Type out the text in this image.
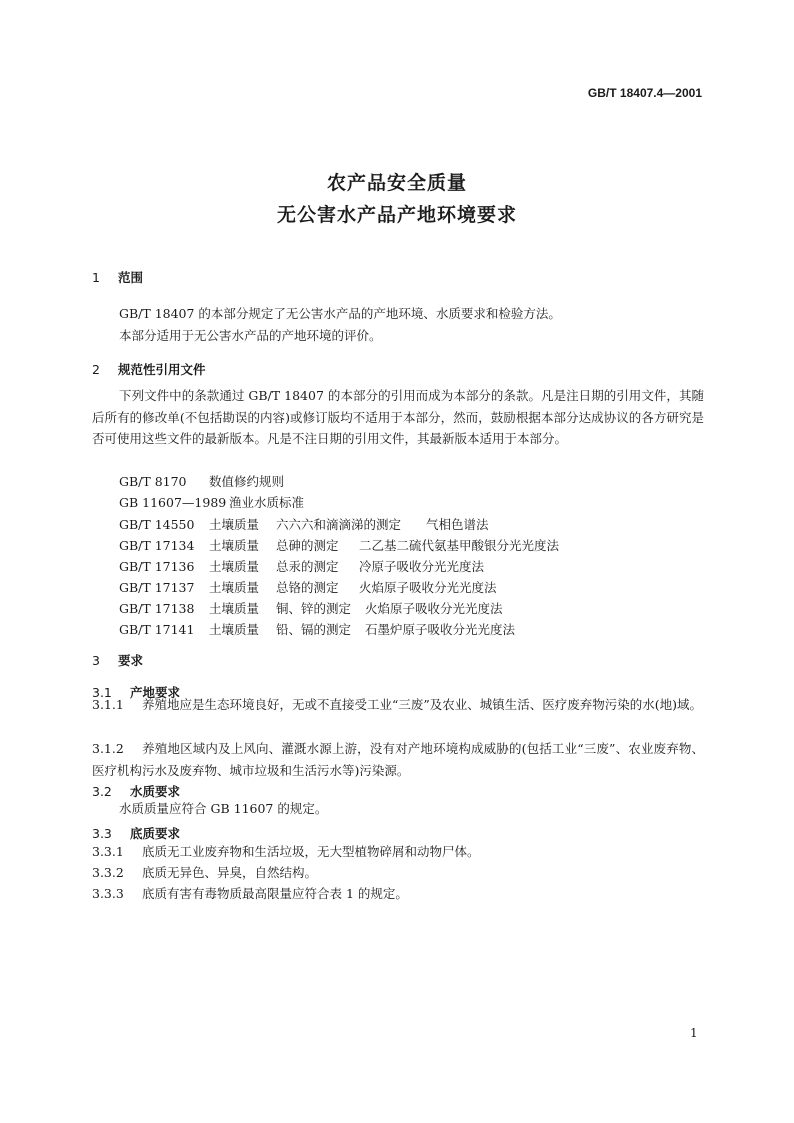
GB/T 18407.4—2001
农产品安全质量
无公害水产品产地环境要求
1 范围
GB/T 18407 的本部分规定了无公害水产品的产地环境、水质要求和检验方法。
本部分适用于无公害水产品的产地环境的评价。
2 规范性引用文件
下列文件中的条款通过 GB/T 18407 的本部分的引用而成为本部分的条款。凡是注日期的引用文件，其随后所有的修改单(不包括勘误的内容)或修订版均不适用于本部分，然而，鼓励根据本部分达成协议的各方研究是否可使用这些文件的最新版本。凡是不注日期的引用文件，其最新版本适用于本部分。
GB/T 8170 数值修约规则
GB 11607—1989 渔业水质标准
GB/T 14550 土壤质量 六六六和滴滴涕的测定 气相色谱法
GB/T 17134 土壤质量 总砷的测定 二乙基二硫代氨基甲酸银分光光度法
GB/T 17136 土壤质量 总汞的测定 冷原子吸收分光光度法
GB/T 17137 土壤质量 总铬的测定 火焰原子吸收分光光度法
GB/T 17138 土壤质量 铜、锌的测定 火焰原子吸收分光光度法
GB/T 17141 土壤质量 铅、镉的测定 石墨炉原子吸收分光光度法
3 要求
3.1 产地要求
3.1.1 养殖地应是生态环境良好，无或不直接受工业“三废”及农业、城镇生活、医疗废弃物污染的水(地)域。
3.1.2 养殖地区域内及上风向、灌溉水源上游，没有对产地环境构成威胁的(包括工业“三废”、农业废弃物、医疗机构污水及废弃物、城市垃圾和生活污水等)污染源。
3.2 水质要求
水质质量应符合 GB 11607 的规定。
3.3 底质要求
3.3.1 底质无工业废弃物和生活垃圾，无大型植物碎屑和动物尸体。
3.3.2 底质无异色、异臭，自然结构。
3.3.3 底质有害有毒物质最高限量应符合表 1 的规定。
1
